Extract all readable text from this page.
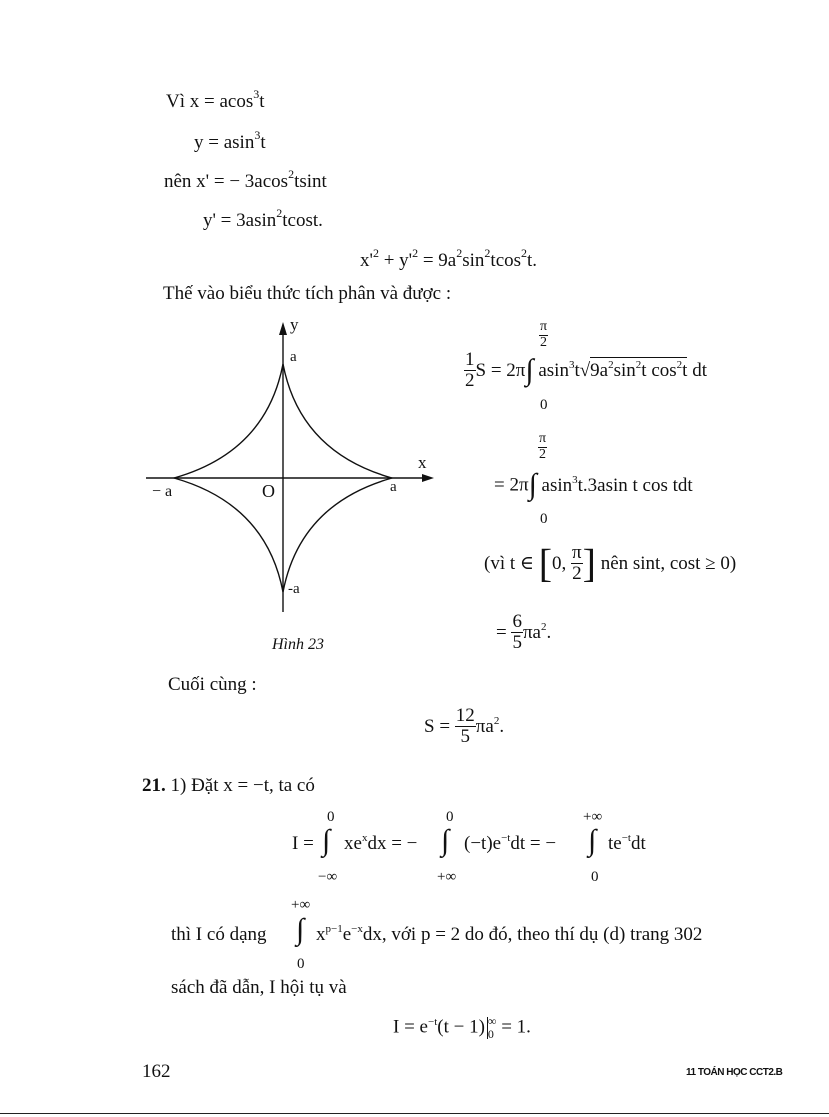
Vì x = acos$^3$t
y = asin$^3$t
nên x' = − 3acos$^2$tsint
y' = 3asin$^2$tcost.
$x'^2 + y'^2 = 9a^2\sin^2tcos^2t$.
Thế vào biểu thức tích phân và được :
y
a
x
− a	O	a
-a
Hình 23
$\frac{\pi}{2}$
$\frac{1}{2}$ S = 2π∫ $asin^3t√9a^2\sin^2t$ $\cos^2t$ dt
0
$\frac{\pi}{2}$
= 2π∫ asin$^3$t.3asin t cos tdt
0
(vì t ∈ [0, $\frac{\pi}{2}$ ] nên sint, cost ≥ 0)
= $\frac{6}{5} \pi a^2$.
Cuối cùng :
$S = \frac{12}{5} \pi a^2$.
21. 1) Đặt x = −t, ta có
I =
0
∫
−∞
$xe^xdx$ = −
0
∫
+∞
$(-t)e^{-t}dt$ = −
+∞
∫
0
$te^{-t}dt$
thì I có dạng
+∞
∫
0
$x^{p-1}e^{-x}dx$, với p = 2 do đó, theo thí dụ (d) trang 302
sách đã dẫn, I hội tụ và
$I = e^{-t}(t - 1)$ ∞
0 = 1.
162	11 TOÁN HỌC CCT2.B
